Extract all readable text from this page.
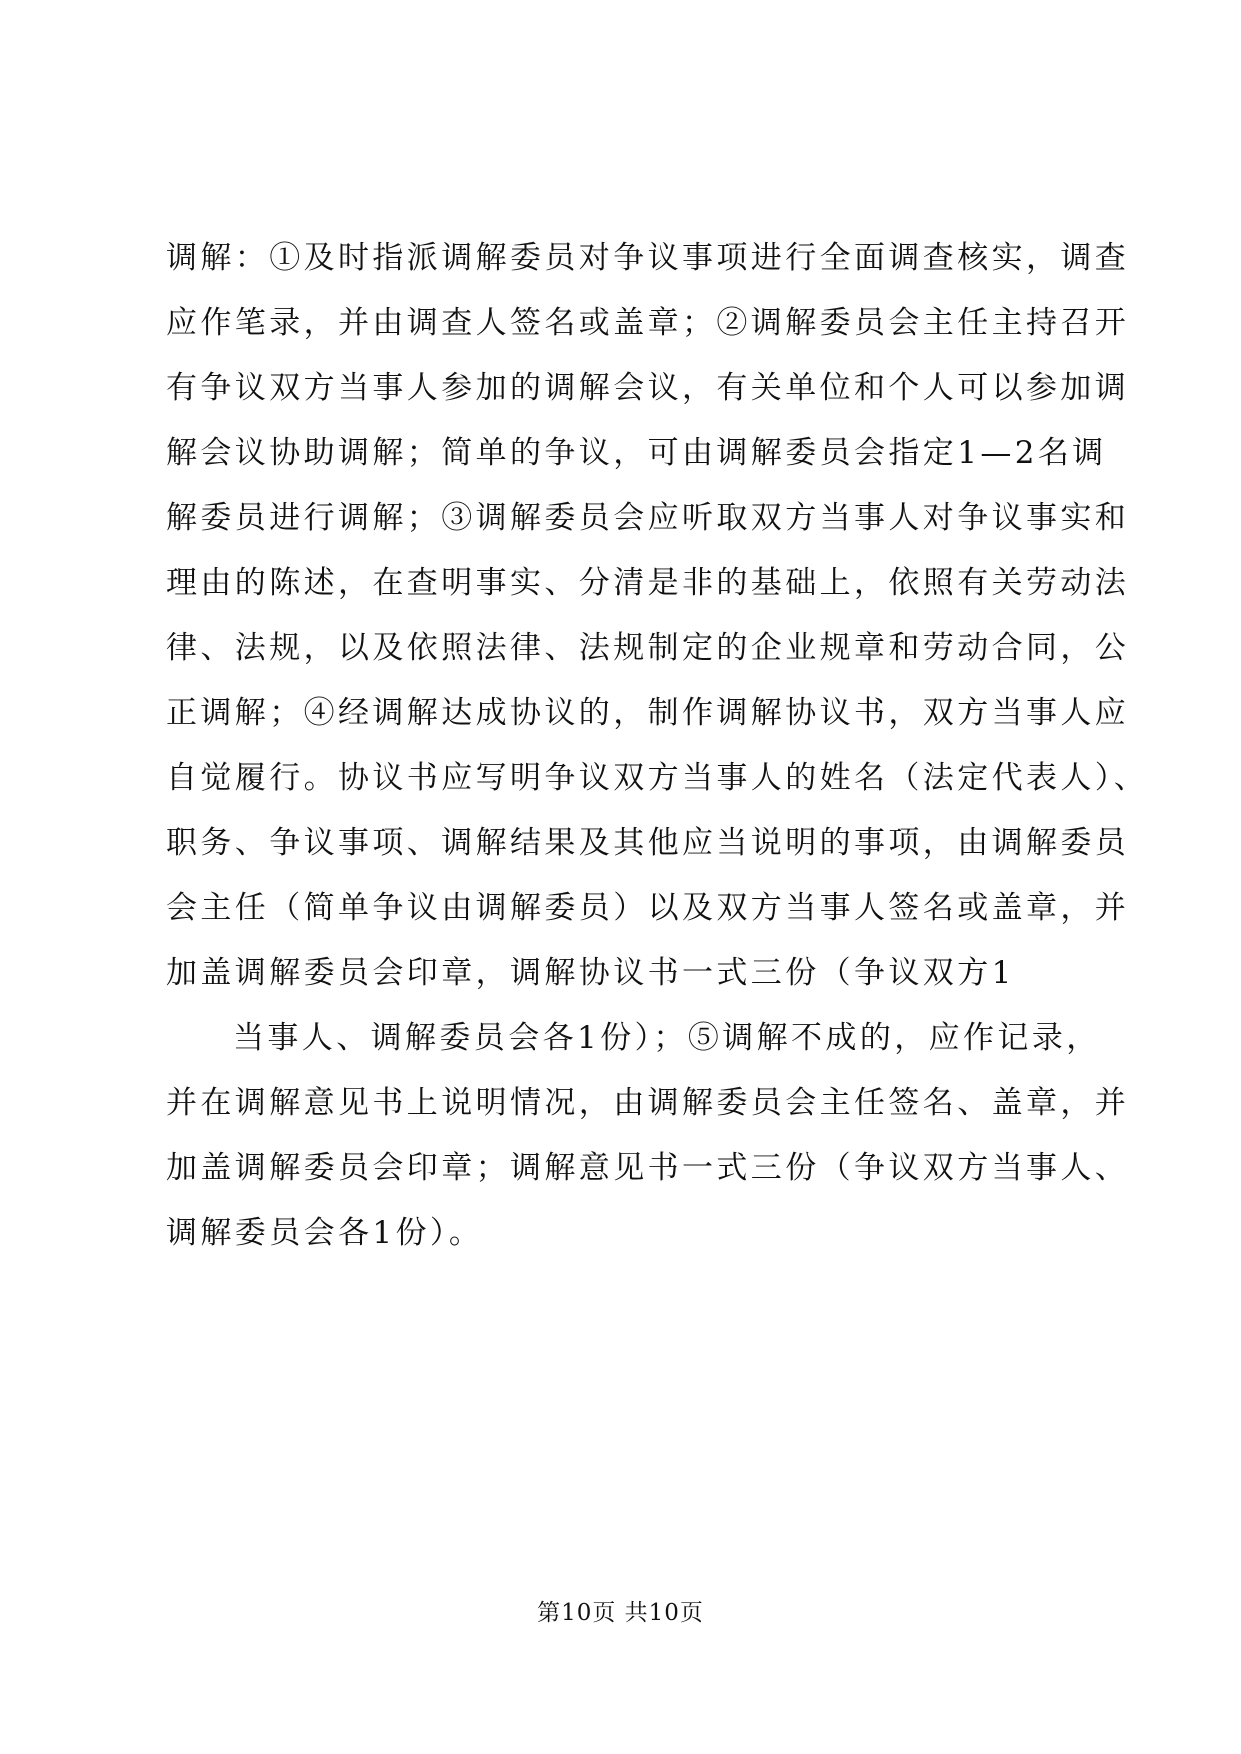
调解：①及时指派调解委员对争议事项进行全面调查核实，调查
应作笔录，并由调查人签名或盖章；②调解委员会主任主持召开
有争议双方当事人参加的调解会议，有关单位和个人可以参加调
解会议协助调解；简单的争议，可由调解委员会指定1—2名调
解委员进行调解；③调解委员会应听取双方当事人对争议事实和
理由的陈述，在查明事实、分清是非的基础上，依照有关劳动法
律、法规，以及依照法律、法规制定的企业规章和劳动合同，公
正调解；④经调解达成协议的，制作调解协议书，双方当事人应
自觉履行。协议书应写明争议双方当事人的姓名（法定代表人）、
职务、争议事项、调解结果及其他应当说明的事项，由调解委员
会主任（简单争议由调解委员）以及双方当事人签名或盖章，并
加盖调解委员会印章，调解协议书一式三份（争议双方1
当事人、调解委员会各1份）；⑤调解不成的，应作记录，
并在调解意见书上说明情况，由调解委员会主任签名、盖章，并
加盖调解委员会印章；调解意见书一式三份（争议双方当事人、
调解委员会各1份）。
第10页 共10页
